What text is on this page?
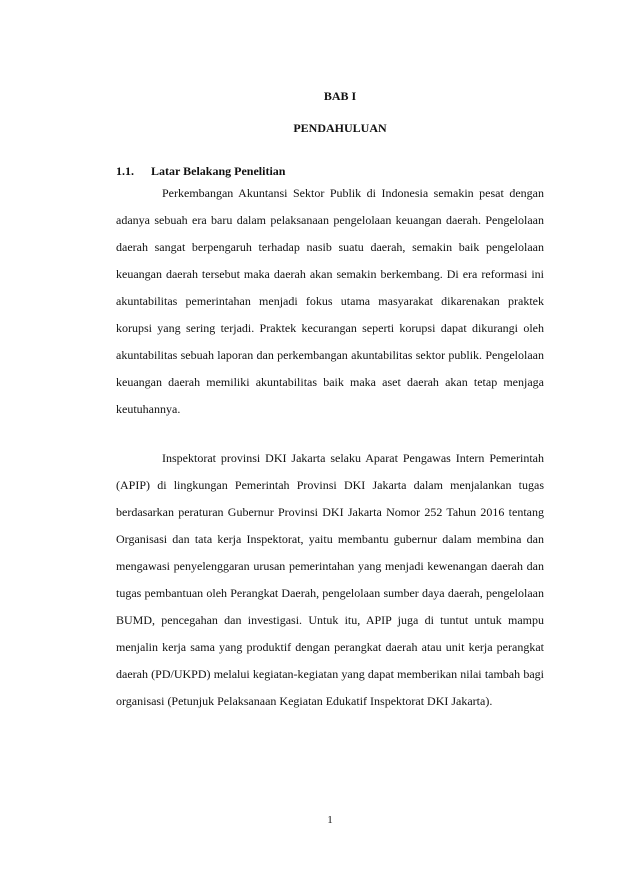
BAB I
PENDAHULUAN
1.1. Latar Belakang Penelitian

Perkembangan Akuntansi Sektor Publik di Indonesia semakin pesat dengan adanya sebuah era baru dalam pelaksanaan pengelolaan keuangan daerah. Pengelolaan daerah sangat berpengaruh terhadap nasib suatu daerah, semakin baik pengelolaan keuangan daerah tersebut maka daerah akan semakin berkembang. Di era reformasi ini akuntabilitas pemerintahan menjadi fokus utama masyarakat dikarenakan praktek korupsi yang sering terjadi. Praktek kecurangan seperti korupsi dapat dikurangi oleh akuntabilitas sebuah laporan dan perkembangan akuntabilitas sektor publik. Pengelolaan keuangan daerah memiliki akuntabilitas baik maka aset daerah akan tetap menjaga keutuhannya.

Inspektorat provinsi DKI Jakarta selaku Aparat Pengawas Intern Pemerintah (APIP) di lingkungan Pemerintah Provinsi DKI Jakarta dalam menjalankan tugas berdasarkan peraturan Gubernur Provinsi DKI Jakarta Nomor 252 Tahun 2016 tentang Organisasi dan tata kerja Inspektorat, yaitu membantu gubernur dalam membina dan mengawasi penyelenggaran urusan pemerintahan yang menjadi kewenangan daerah dan tugas pembantuan oleh Perangkat Daerah, pengelolaan sumber daya daerah, pengelolaan BUMD, pencegahan dan investigasi. Untuk itu, APIP juga di tuntut untuk mampu menjalin kerja sama yang produktif dengan perangkat daerah atau unit kerja perangkat daerah (PD/UKPD) melalui kegiatan-kegiatan yang dapat memberikan nilai tambah bagi organisasi (Petunjuk Pelaksanaan Kegiatan Edukatif Inspektorat DKI Jakarta).

1
